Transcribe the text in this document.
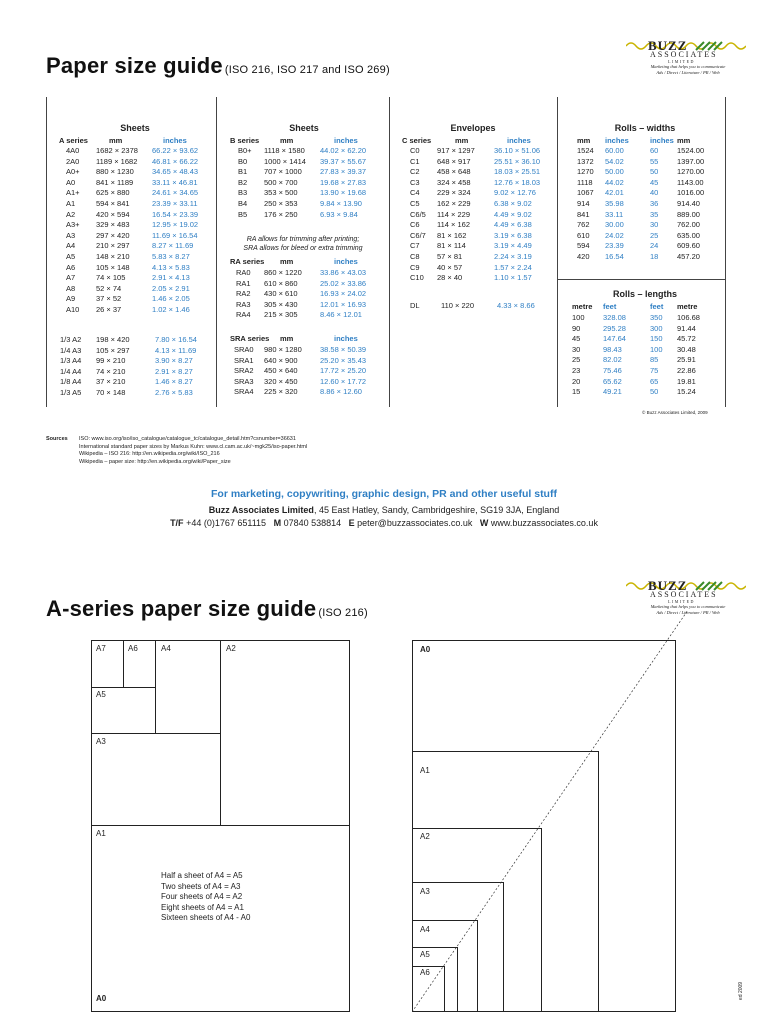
Paper size guide (ISO 216, ISO 217 and ISO 269)
BUZZ
ASSOCIATES
LIMITED
Marketing that helps you to communicate
Ads / Direct / Literature / PR / Web
Sheets
A series	mm	inches
4A0 1682 × 2378 66.22 × 93.62
2A0 1189 × 1682 46.81 × 66.22
A0+ 880 × 1230 34.65 × 48.43
A0	841 × 1189	33.11 × 46.81
A1+ 625 × 880	24.61 × 34.65
A1	594 × 841	23.39 × 33.11
A2	420 × 594	16.54 × 23.39
A3+ 329 × 483	12.95 × 19.02
A3	297 × 420	11.69 × 16.54
A4	210 × 297	8.27 × 11.69
A5	148 × 210	5.83 × 8.27
A6	105 × 148	4.13 × 5.83
A7	74 × 105	2.91 × 4.13
A8	52 × 74	2.05 × 2.91
A9	37 × 52	1.46 × 2.05
A10 26 × 37	1.02 × 1.46
1/3 A2 198 × 420	7.80 × 16.54
1/4 A3 105 × 297	4.13 × 11.69
1/3 A4 99 × 210	3.90 × 8.27
1/4 A4 74 × 210	2.91 × 8.27
1/8 A4 37 × 210	1.46 × 8.27
1/3 A5 70 × 148	2.76 × 5.83
Sheets
B series	mm	inches
B0+ 1118 × 1580 44.02 × 62.20
B0 1000 × 1414 39.37 × 55.67
B1 707 × 1000 27.83 × 39.37
B2 500 × 700	19.68 × 27.83
B3 353 × 500	13.90 × 19.68
B4 250 × 353	9.84 × 13.90
B5 176 × 250	6.93 × 9.84
RA allows for trimming after printing;
SRA allows for bleed or extra trimming
RA series mm	inches
RA0 860 × 1220 33.86 × 43.03
RA1 610 × 860	25.02 × 33.86
RA2 430 × 610	16.93 × 24.02
RA3 305 × 430	12.01 × 16.93
RA4 215 × 305	8.46 × 12.01
SRA series mm	inches
SRA0 980 × 1280 38.58 × 50.39
SRA1 640 × 900	25.20 × 35.43
SRA2 450 × 640	17.72 × 25.20
SRA3 320 × 450	12.60 × 17.72
SRA4 225 × 320	8.86 × 12.60
Envelopes
C series	mm	inches
C0 917 × 1297	36.10 × 51.06
C1 648 × 917	25.51 × 36.10
C2 458 × 648	18.03 × 25.51
C3 324 × 458	12.76 × 18.03
C4 229 × 324	9.02 × 12.76
C5 162 × 229	6.38 × 9.02
C6/5 114 × 229	4.49 × 9.02
C6 114 × 162	4.49 × 6.38
C6/7 81 × 162	3.19 × 6.38
C7 81 × 114	3.19 × 4.49
C8 57 × 81	2.24 × 3.19
C9 40 × 57	1.57 × 2.24
C10 28 × 40	1.10 × 1.57
DL	110 × 220	4.33 × 8.66
Rolls – widths
mm inches	inches mm
1524 60.00	60 1524.00
1372 54.02	55 1397.00
1270 50.00	50 1270.00
1118 44.02	45 1143.00
1067 42.01	40 1016.00
914 35.98	36 914.40
841 33.11	35 889.00
762 30.00	30 762.00
610 24.02	25 635.00
594 23.39	24 609.60
420 16.54	18 457.20
Rolls – lengths
metre feet	feet metre
100 328.08	350 106.68
90	295.28	300 91.44
45	147.64	150 45.72
30	98.43	100 30.48
25	82.02	85 25.91
23	75.46	75 22.86
20	65.62	65 19.81
15	49.21	50 15.24
© Buzz Associates Limited, 2009
Sources ISO: www.iso.org/iso/iso_catalogue/catalogue_tc/catalogue_detail.htm?csnumber=36631
International standard paper sizes by Markus Kuhn: www.cl.cam.ac.uk/~mgk25/iso-paper.html
Wikipedia – ISO 216: http://en.wikipedia.org/wiki/ISO_216
Wikipedia – paper size: http://en.wikipedia.org/wiki/Paper_size
For marketing, copywriting, graphic design, PR and other useful stuff
Buzz Associates Limited, 45 East Hatley, Sandy, Cambridgeshire, SG19 3JA, England
T/F +44 (0)1767 651115 M 07840 538814 E peter@buzzassociates.co.uk W www.buzzassociates.co.uk
A-series paper size guide (ISO 216)
BUZZ
ASSOCIATES
LIMITED
Marketing that helps you to communicate
Ads / Direct / Literature / PR / Web
A7	A6	A4	A2
A5
A3
A1
A0
Half a sheet of A4 = A5
Two sheets of A4 = A3
Four sheets of A4 = A2
Eight sheets of A4 = A1
Sixteen sheets of A4 - A0
A0
A1
A2
A3
A4
A5
A6
ed 2009
